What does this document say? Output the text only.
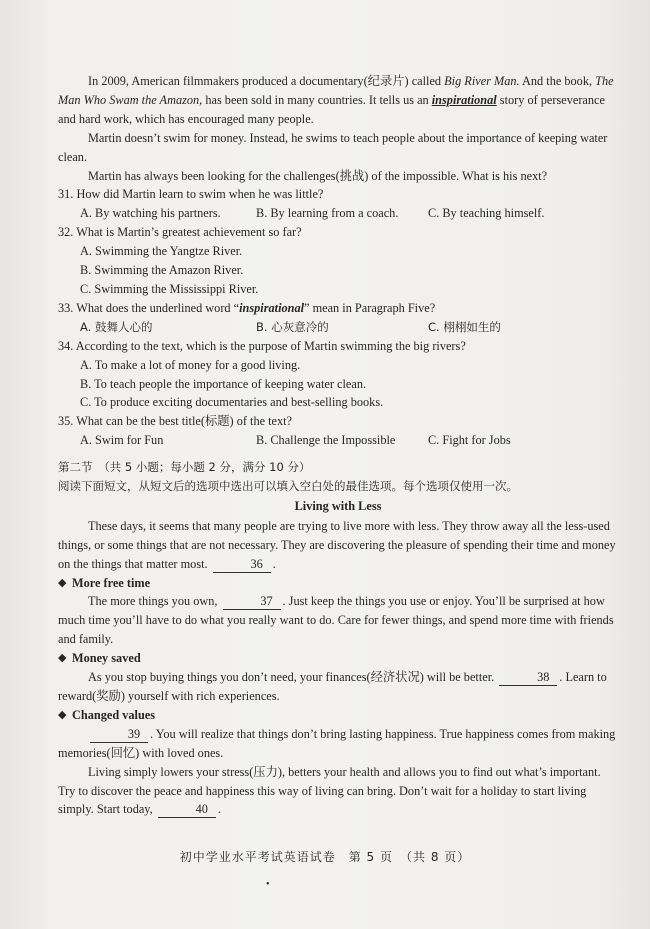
In 2009, American filmmakers produced a documentary(纪录片) called Big River Man. And the book, The Man Who Swam the Amazon, has been sold in many countries. It tells us an inspirational story of perseverance and hard work, which has encouraged many people.

Martin doesn’t swim for money. Instead, he swims to teach people about the importance of keeping water clean.

Martin has always been looking for the challenges(挑战) of the impossible. What is his next?

31. How did Martin learn to swim when he was little?

A. By watching his partners.	B. By learning from a coach.	C. By teaching himself.

32. What is Martin’s greatest achievement so far?

A. Swimming the Yangtze River.

B. Swimming the Amazon River.

C. Swimming the Mississippi River.

33. What does the underlined word “inspirational” mean in Paragraph Five?

A. 鼓舞人心的	B. 心灰意冷的	C. 栩栩如生的

34. According to the text, which is the purpose of Martin swimming the big rivers?

A. To make a lot of money for a good living.

B. To teach people the importance of keeping water clean.

C. To produce exciting documentaries and best-selling books.

35. What can be the best title(标题) of the text?

A. Swim for Fun	B. Challenge the Impossible	C. Fight for Jobs

第二节　（共 5 小题；每小题 2 分，满分 10 分）

阅读下面短文，从短文后的选项中选出可以填入空白处的最佳选项。每个选项仅使用一次。

Living with Less

These days, it seems that many people are trying to live more with less. They throw away all the less-used things, or some things that are not necessary. They are discovering the pleasure of spending their time and money on the things that matter most.	36 .

◆ More free time

The more things you own,	37 . Just keep the things you use or enjoy. You’ll be surprised at how much time you’ll have to do what you really want to do. Care for fewer things, and spend more time with friends and family.

◆ Money saved

As you stop buying things you don’t need, your finances(经济状况) will be better.	38 . Learn to reward(奖励) yourself with rich experiences.

◆ Changed values

39 . You will realize that things don’t bring lasting happiness. True happiness comes from making memories(回忆) with loved ones.

Living simply lowers your stress(压力), betters your health and allows you to find out what’s important. Try to discover the peace and happiness this way of living can bring. Don’t wait for a holiday to start living simply. Start today,	40 .

初中学业水平考试英语试卷　第 5 页　（共 8 页）
•
